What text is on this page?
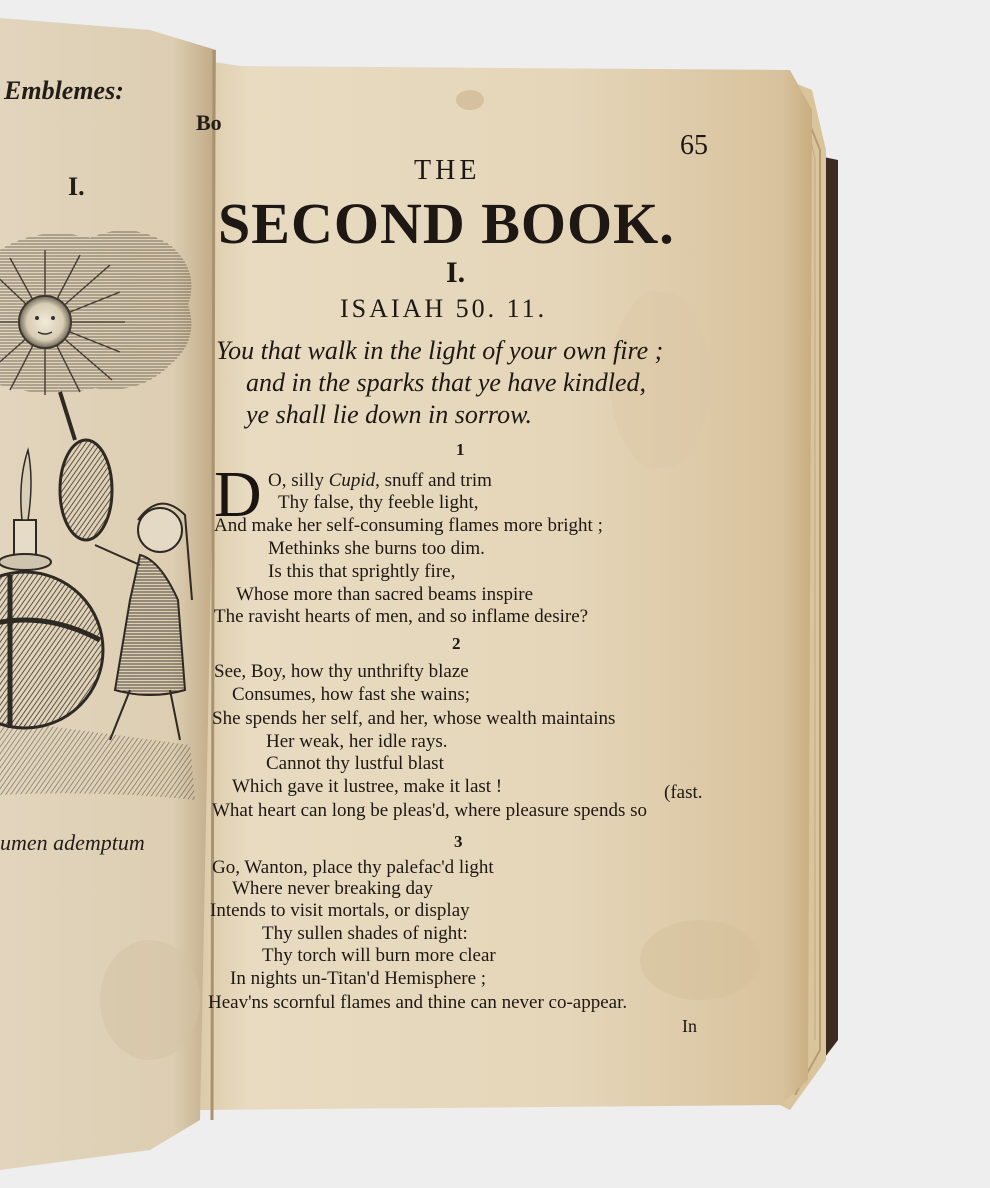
Emblemes:
Bo
I.
umen ademptum
65
THE
SECOND BOOK.
I.
ISAIAH 50. 11.
You that walk in the light of your own fire ;
and in the sparks that ye have kindled,
ye shall lie down in sorrow.
1
D O, silly Cupid, snuff and trim
Thy false, thy feeble light,
And make her self-consuming flames more bright ;
Methinks she burns too dim.
Is this that sprightly fire,
Whose more than sacred beams inspire
The ravisht hearts of men, and so inflame desire?
2
See, Boy, how thy unthrifty blaze
Consumes, how fast she wains;
She spends her self, and her, whose wealth maintains
Her weak, her idle rays.
Cannot thy lustful blast
Which gave it lustree, make it last !	(fast.
What heart can long be pleas'd, where pleasure spends so
3
Go, Wanton, place thy palefac'd light
Where never breaking day
Intends to visit mortals, or display
Thy sullen shades of night:
Thy torch will burn more clear
In nights un-Titan'd Hemisphere ;
Heav'ns scornful flames and thine can never co-appear.
In
